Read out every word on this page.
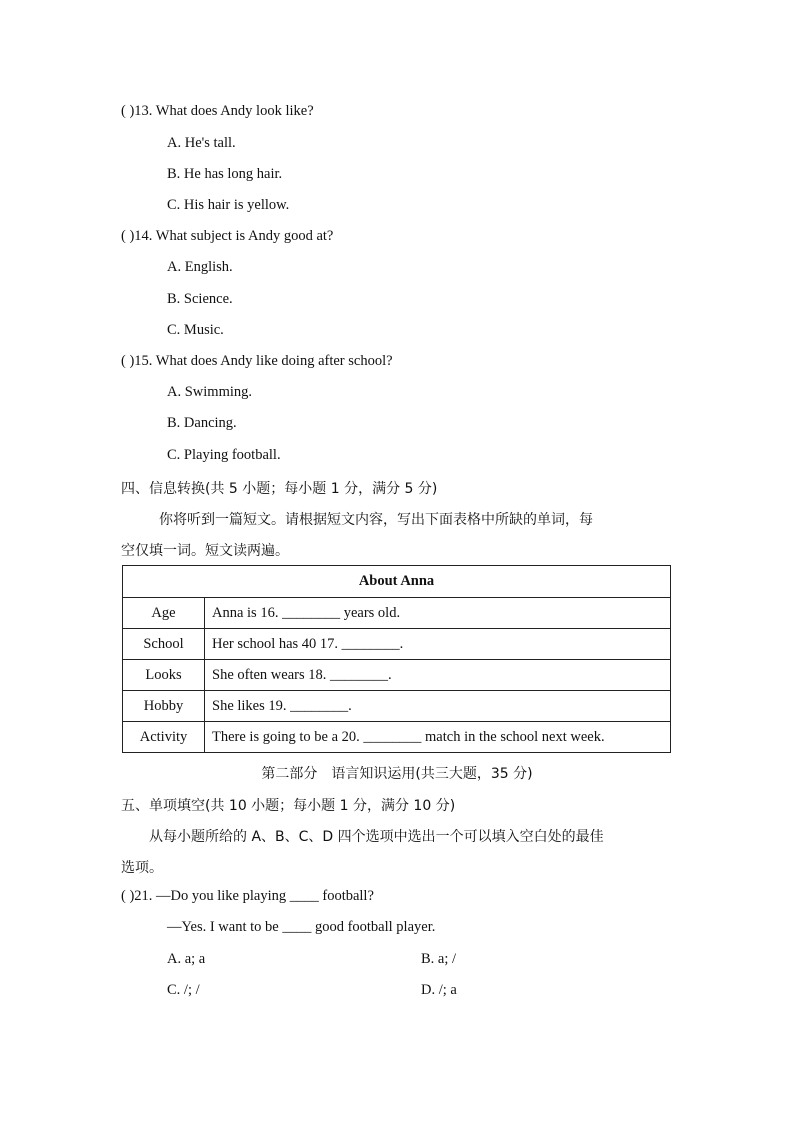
( )13. What does Andy look like?
A. He's tall.
B. He has long hair.
C. His hair is yellow.
( )14. What subject is Andy good at?
A. English.
B. Science.
C. Music.
( )15. What does Andy like doing after school?
A. Swimming.
B. Dancing.
C. Playing football.
四、信息转换(共 5 小题；每小题 1 分，满分 5 分)
你将听到一篇短文。请根据短文内容，写出下面表格中所缺的单词，每
空仅填一词。短文读两遍。
About Anna	
Age	Anna is 16. ________ years old.
School	Her school has 40 17. ________.
Looks	She often wears 18. ________.
Hobby	She likes 19. ________.
Activity	There is going to be a 20. ________ match in the school next week.
第二部分　语言知识运用(共三大题，35 分)
五、单项填空(共 10 小题；每小题 1 分，满分 10 分)
从每小题所给的 A、B、C、D 四个选项中选出一个可以填入空白处的最佳
选项。
( )21. —Do you like playing ____ football?
—Yes. I want to be ____ good football player.
A. a; a	B. a; /
C. /; /	D. /; a
